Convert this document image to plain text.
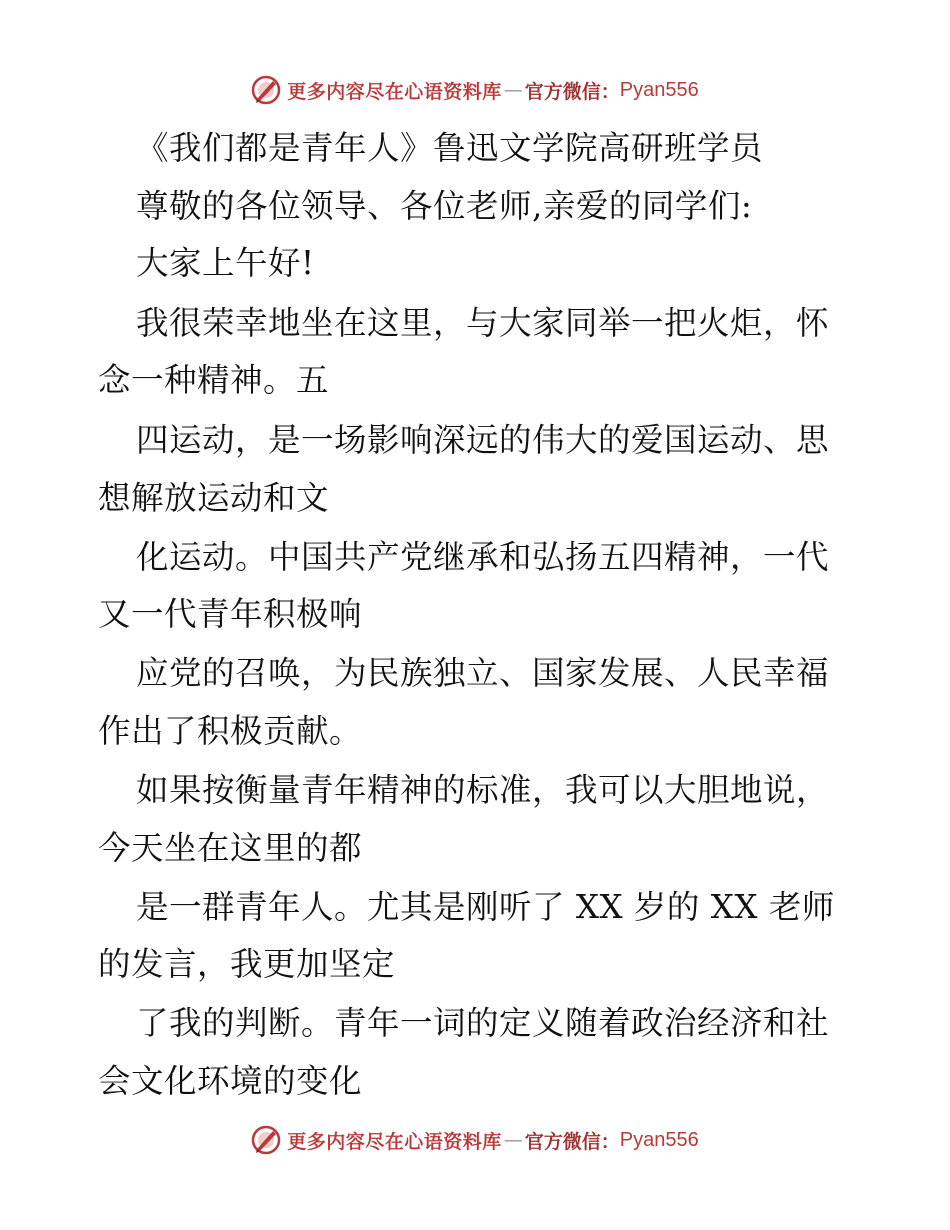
更多内容尽在心语资料库 — 官方微信： Pyan556
《我们都是青年人》鲁迅文学院高研班学员
尊敬的各位领导、各位老师,亲爱的同学们:
大家上午好!
我很荣幸地坐在这里，与大家同举一把火炬，怀
念一种精神。五
四运动，是一场影响深远的伟大的爱国运动、思
想解放运动和文
化运动。中国共产党继承和弘扬五四精神，一代
又一代青年积极响
应党的召唤，为民族独立、国家发展、人民幸福
作出了积极贡献。
如果按衡量青年精神的标准，我可以大胆地说，
今天坐在这里的都
是一群青年人。尤其是刚听了 XX 岁的 XX 老师
的发言，我更加坚定
了我的判断。青年一词的定义随着政治经济和社
会文化环境的变化
更多内容尽在心语资料库 — 官方微信： Pyan556
